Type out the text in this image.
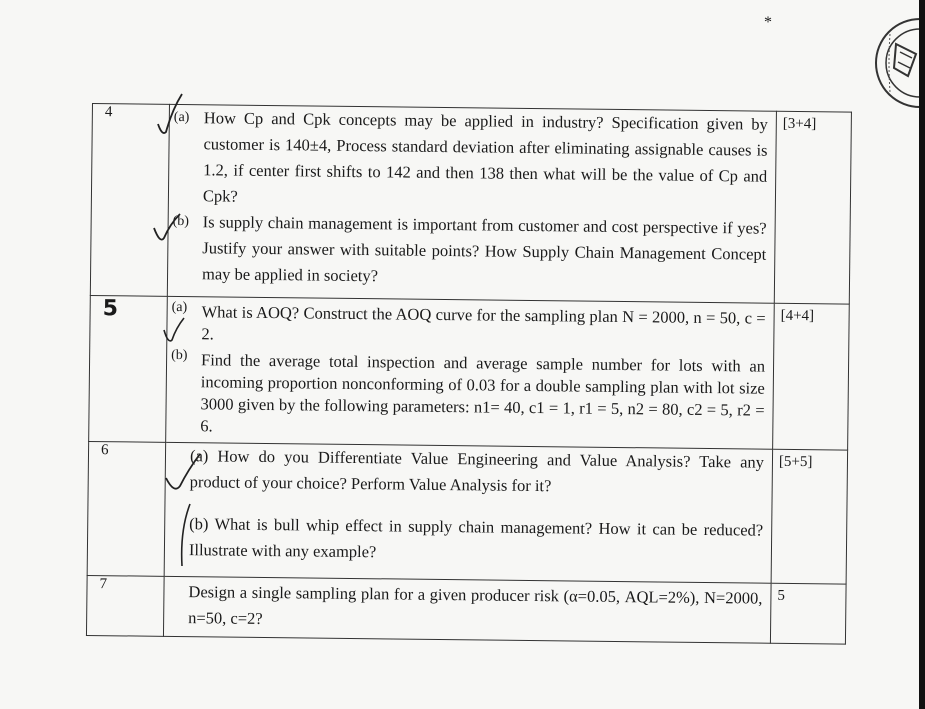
*
4	(a) How Cp and Cpk concepts may be applied in industry? Specification given by customer is 140±4, Process standard deviation after eliminating assignable causes is 1.2, if center first shifts to 142 and then 138 then what will be the value of Cp and Cpk?
(b) Is supply chain management is important from customer and cost perspective if yes? Justify your answer with suitable points? How Supply Chain Management Concept may be applied in society?	[3+4]
5	(a) What is AOQ? Construct the AOQ curve for the sampling plan N = 2000, n = 50, c = 2.
(b) Find the average total inspection and average sample number for lots with an incoming proportion nonconforming of 0.03 for a double sampling plan with lot size 3000 given by the following parameters: n1= 40, c1 = 1, r1 = 5, n2 = 80, c2 = 5, r2 = 6.	[4+4]
6	(a) How do you Differentiate Value Engineering and Value Analysis? Take any product of your choice? Perform Value Analysis for it?
(b) What is bull whip effect in supply chain management? How it can be reduced? Illustrate with any example?	[5+5]
7	Design a single sampling plan for a given producer risk (α=0.05, AQL=2%), N=2000, n=50, c=2?	5
